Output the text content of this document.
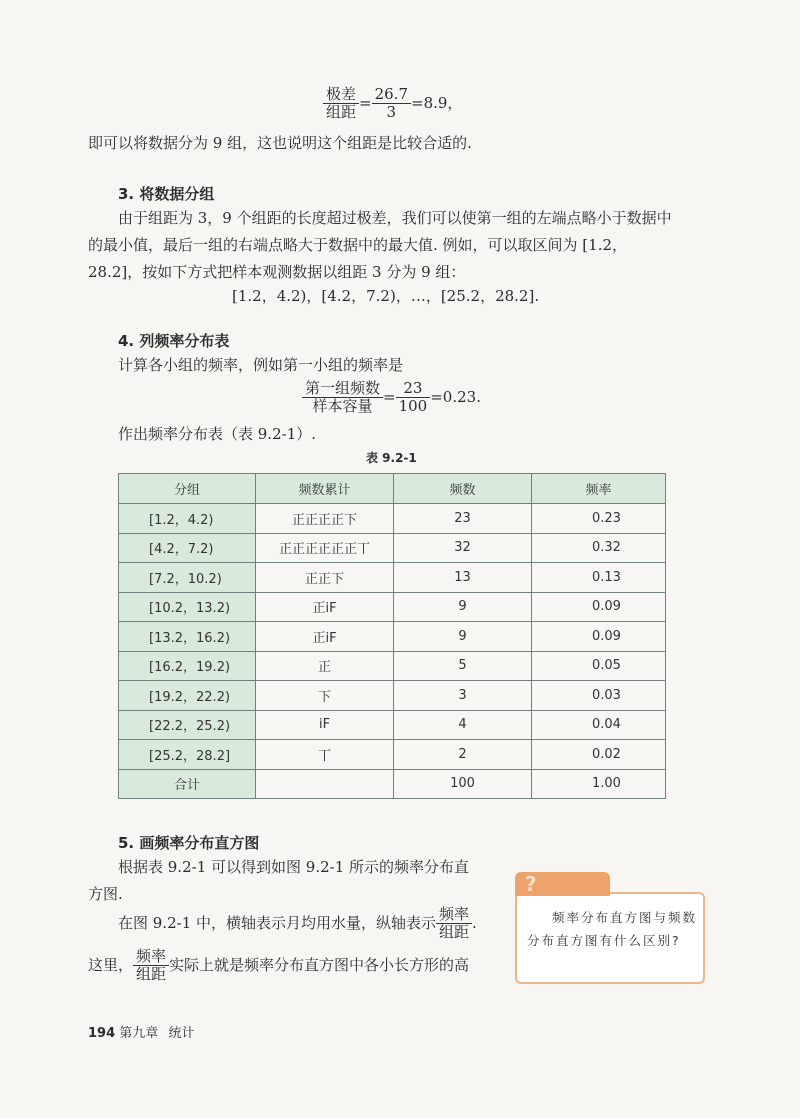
$\frac{\text{极差}}{\text{组距}} = \frac{26.7}{3} =8.9$，
即可以将数据分为 9 组，这也说明这个组距是比较合适的.
3. 将数据分组
由于组距为 3，9 个组距的长度超过极差，我们可以使第一组的左端点略小于数据中
的最小值，最后一组的右端点略大于数据中的最大值. 例如，可以取区间为 [1.2，
28.2]，按如下方式把样本观测数据以组距 3 分为 9 组：
[1.2，4.2)，[4.2，7.2)，…，[25.2，28.2].
4. 列频率分布表
计算各小组的频率，例如第一小组的频率是
$\frac{\text{第一组频数}}{\text{样本容量}} = \frac{23}{100} =0.23$.
作出频率分布表（表 9.2-1）.
表 9.2-1
分组	频数累计	频数	频率
[1.2，4.2)	正正正正下	23	0.23
[4.2，7.2)	正正正正正正丅	32	0.32
[7.2，10.2)	正正下	13	0.13
[10.2，13.2)	正iF	9	0.09
[13.2，16.2)	正iF	9	0.09
[16.2，19.2)	正	5	0.05
[19.2，22.2)	下	3	0.03
[22.2，25.2)	iF	4	0.04
[25.2，28.2]	丅	2	0.02
合计		100	1.00
5. 画频率分布直方图
根据表 9.2-1 可以得到如图 9.2-1 所示的频率分布直
方图.
在图 9.2-1 中，横轴表示月均用水量，纵轴表示 $\frac{\text{频率}}{\text{组距}}$ .
这里， $\frac{\text{频率}}{\text{组距}}$ 实际上就是频率分布直方图中各小长方形的高
?
频率分布直方图与频数分布直方图有什么区别?
194 第九章 统计
